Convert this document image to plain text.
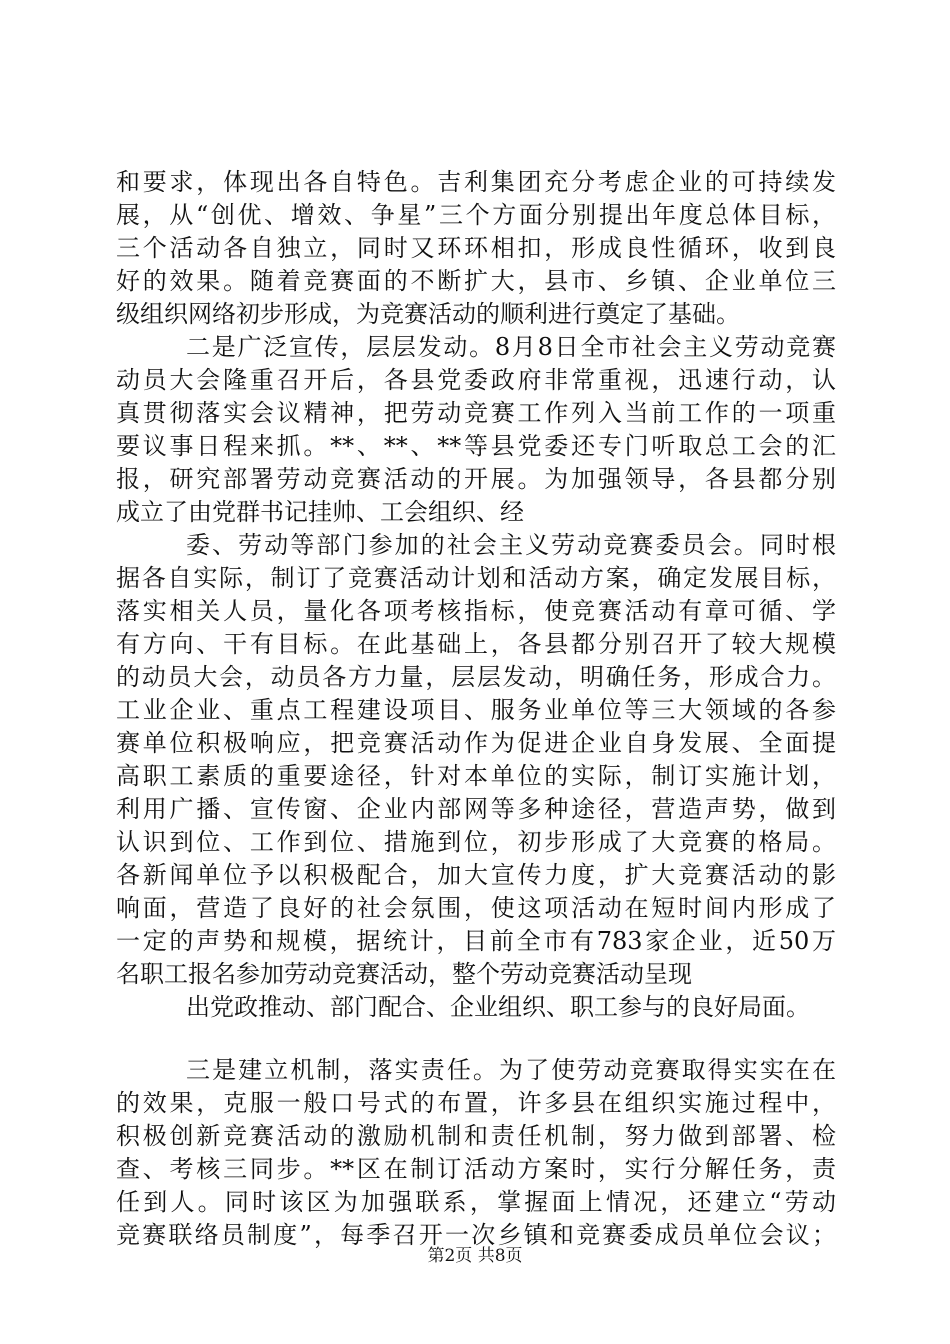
和要求，体现出各自特色。吉利集团充分考虑企业的可持续发
展，从“创优、增效、争星”三个方面分别提出年度总体目标，
三个活动各自独立，同时又环环相扣，形成良性循环，收到良
好的效果。随着竞赛面的不断扩大，县市、乡镇、企业单位三
级组织网络初步形成，为竞赛活动的顺利进行奠定了基础。
二是广泛宣传，层层发动。8月8日全市社会主义劳动竞赛
动员大会隆重召开后，各县党委政府非常重视，迅速行动，认
真贯彻落实会议精神，把劳动竞赛工作列入当前工作的一项重
要议事日程来抓。**、**、**等县党委还专门听取总工会的汇
报，研究部署劳动竞赛活动的开展。为加强领导，各县都分别
成立了由党群书记挂帅、工会组织、经
委、劳动等部门参加的社会主义劳动竞赛委员会。同时根
据各自实际，制订了竞赛活动计划和活动方案，确定发展目标，
落实相关人员，量化各项考核指标，使竞赛活动有章可循、学
有方向、干有目标。在此基础上，各县都分别召开了较大规模
的动员大会，动员各方力量，层层发动，明确任务，形成合力。
工业企业、重点工程建设项目、服务业单位等三大领域的各参
赛单位积极响应，把竞赛活动作为促进企业自身发展、全面提
高职工素质的重要途径，针对本单位的实际，制订实施计划，
利用广播、宣传窗、企业内部网等多种途径，营造声势，做到
认识到位、工作到位、措施到位，初步形成了大竞赛的格局。
各新闻单位予以积极配合，加大宣传力度，扩大竞赛活动的影
响面，营造了良好的社会氛围，使这项活动在短时间内形成了
一定的声势和规模，据统计，目前全市有783家企业，近50万
名职工报名参加劳动竞赛活动，整个劳动竞赛活动呈现
出党政推动、部门配合、企业组织、职工参与的良好局面。
三是建立机制，落实责任。为了使劳动竞赛取得实实在在
的效果，克服一般口号式的布置，许多县在组织实施过程中，
积极创新竞赛活动的激励机制和责任机制，努力做到部署、检
查、考核三同步。**区在制订活动方案时，实行分解任务，责
任到人。同时该区为加强联系，掌握面上情况，还建立“劳动
竞赛联络员制度”，每季召开一次乡镇和竞赛委成员单位会议；
第2页 共8页
